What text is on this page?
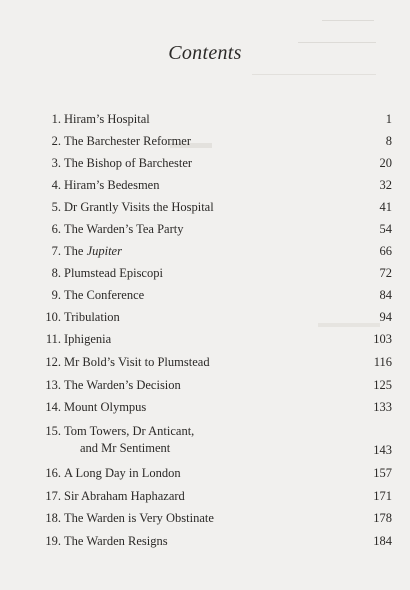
Contents
1. Hiram’s Hospital	1
2. The Barchester Reformer	8
3. The Bishop of Barchester	20
4. Hiram’s Bedesmen	32
5. Dr Grantly Visits the Hospital	41
6. The Warden’s Tea Party	54
7. The Jupiter	66
8. Plumstead Episcopi	72
9. The Conference	84
10. Tribulation	94
11. Iphigenia	103
12. Mr Bold’s Visit to Plumstead	116
13. The Warden’s Decision	125
14. Mount Olympus	133
15. Tom Towers, Dr Anticant,
and Mr Sentiment	143
16. A Long Day in London	157
17. Sir Abraham Haphazard	171
18. The Warden is Very Obstinate	178
19. The Warden Resigns	184
